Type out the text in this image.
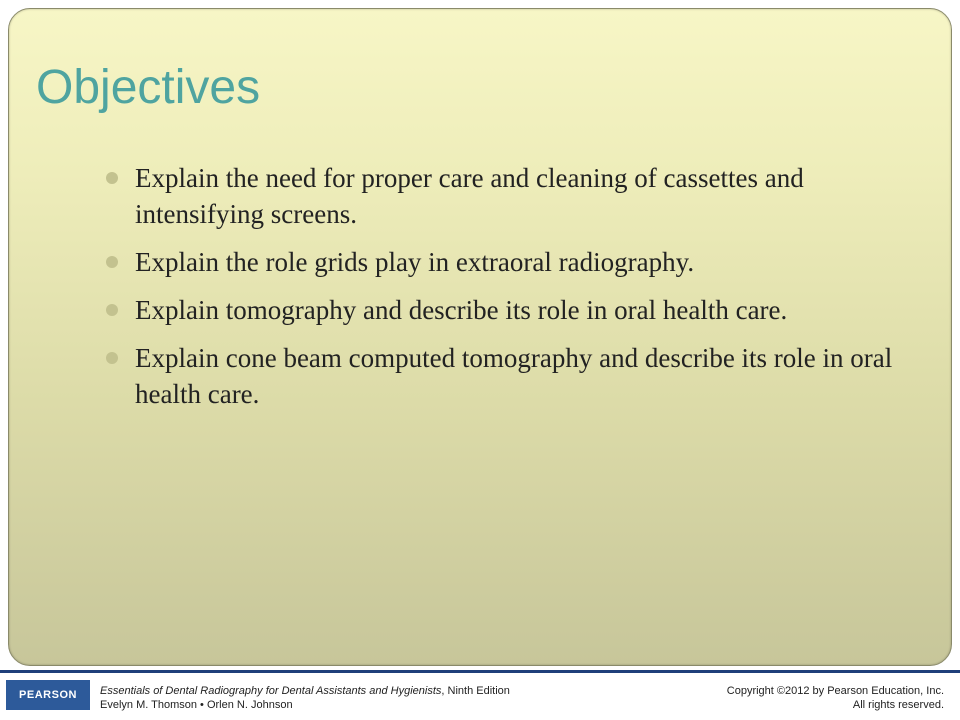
Objectives
Explain the need for proper care and cleaning of cassettes and intensifying screens.
Explain the role grids play in extraoral radiography.
Explain tomography and describe its role in oral health care.
Explain cone beam computed tomography and describe its role in oral health care.
PEARSON Essentials of Dental Radiography for Dental Assistants and Hygienists, Ninth Edition
Evelyn M. Thomson • Orlen N. Johnson
Copyright ©2012 by Pearson Education, Inc.
All rights reserved.
